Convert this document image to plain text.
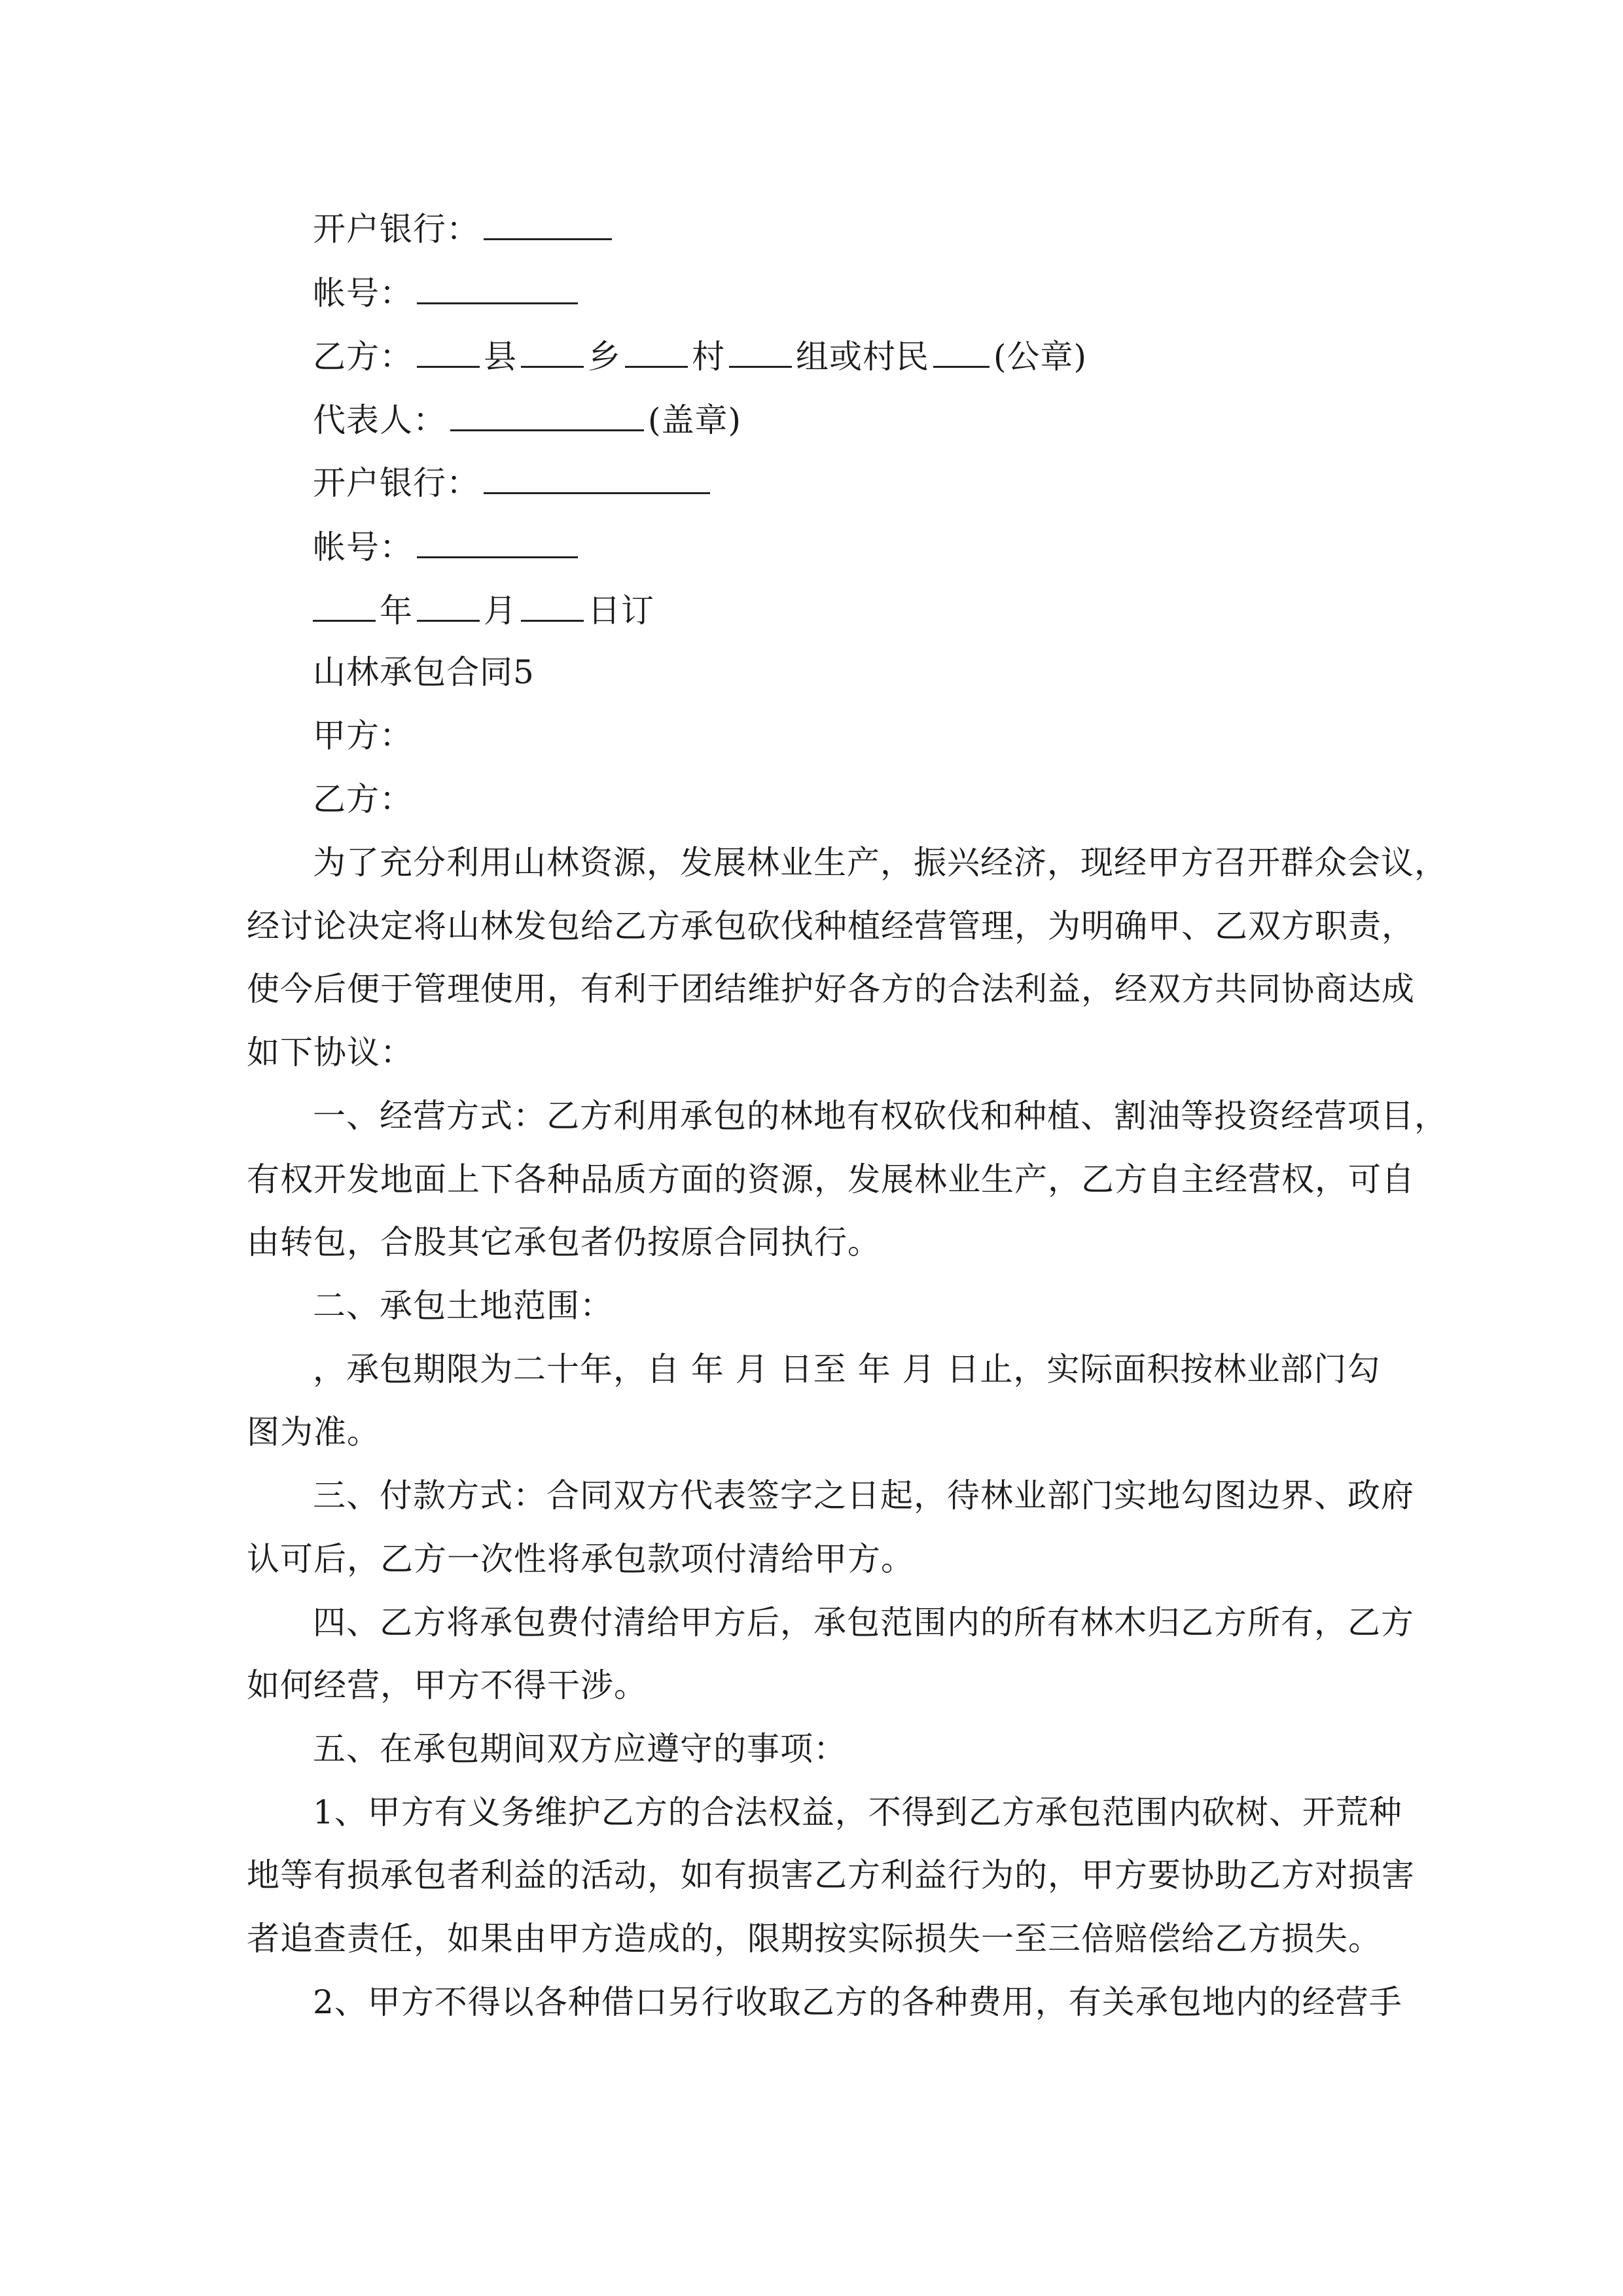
开户银行：
帐号：
乙方： 县 乡 村 组或村民 (公章)
代表人：	(盖章)
开户银行：
帐号：
年 月 日订
山林承包合同5
甲方：
乙方：
为了充分利用山林资源，发展林业生产，振兴经济，现经甲方召开群众会议，
经讨论决定将山林发包给乙方承包砍伐种植经营管理，为明确甲、乙双方职责，
使今后便于管理使用，有利于团结维护好各方的合法利益，经双方共同协商达成
如下协议：
一、经营方式：乙方利用承包的林地有权砍伐和种植、割油等投资经营项目，
有权开发地面上下各种品质方面的资源，发展林业生产，乙方自主经营权，可自
由转包，合股其它承包者仍按原合同执行。
二、承包土地范围：
，承包期限为二十年，自 年 月 日至 年 月 日止，实际面积按林业部门勾
图为准。
三、付款方式：合同双方代表签字之日起，待林业部门实地勾图边界、政府
认可后，乙方一次性将承包款项付清给甲方。
四、乙方将承包费付清给甲方后，承包范围内的所有林木归乙方所有，乙方
如何经营，甲方不得干涉。
五、在承包期间双方应遵守的事项：
1、甲方有义务维护乙方的合法权益，不得到乙方承包范围内砍树、开荒种
地等有损承包者利益的活动，如有损害乙方利益行为的，甲方要协助乙方对损害
者追查责任，如果由甲方造成的，限期按实际损失一至三倍赔偿给乙方损失。
2、甲方不得以各种借口另行收取乙方的各种费用，有关承包地内的经营手
